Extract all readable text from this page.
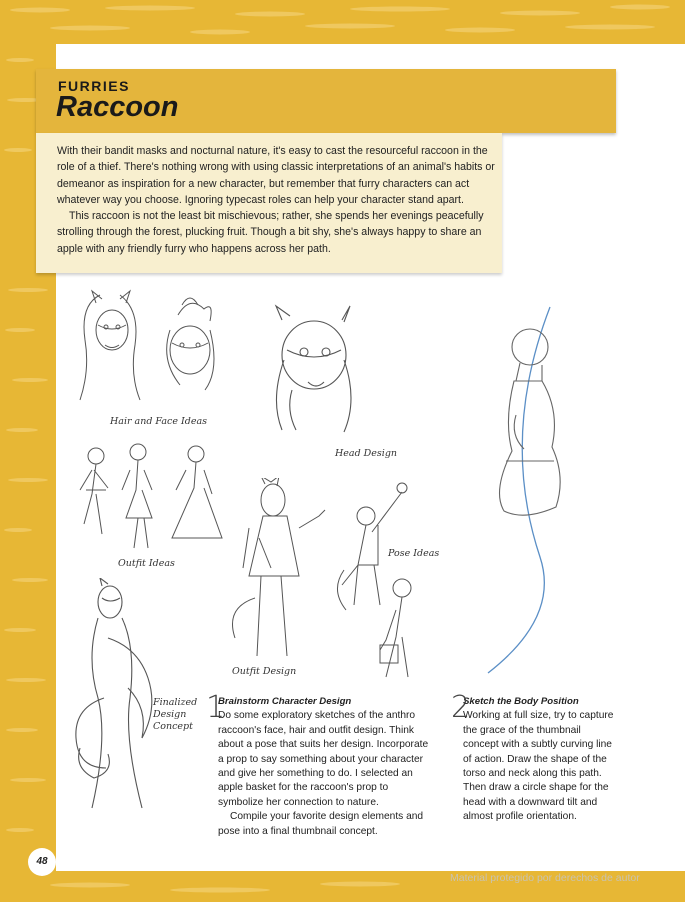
FURRIES
Raccoon

With their bandit masks and nocturnal nature, it's easy to cast the resourceful raccoon in the role of a thief. There's nothing wrong with using classic interpretations of an animal's habits or demeanor as inspiration for a new character, but remember that furry characters can act whatever way you choose. Ignoring typecast roles can help your character stand apart.

This raccoon is not the least bit mischievous; rather, she spends her evenings peacefully strolling through the forest, plucking fruit. Though a bit shy, she's always happy to share an apple with any friendly furry who happens across her path.

Hair and Face Ideas
Head Design
Outfit Ideas
Outfit Design
Pose Ideas
Finalized
Design
Concept
1

Brainstorm Character Design

Do some exploratory sketches of the anthro raccoon's face, hair and outfit design. Think about a pose that suits her design. Incorporate a prop to say something about your character and give her something to do. I selected an apple basket for the raccoon's prop to symbolize her connection to nature.

Compile your favorite design elements and pose into a final thumbnail concept.

2

Sketch the Body Position

Working at full size, try to capture the grace of the thumbnail concept with a subtly curving line of action. Draw the shape of the torso and neck along this path. Then draw a circle shape for the head with a downward tilt and almost profile orientation.

48
Material protegido por derechos de autor
